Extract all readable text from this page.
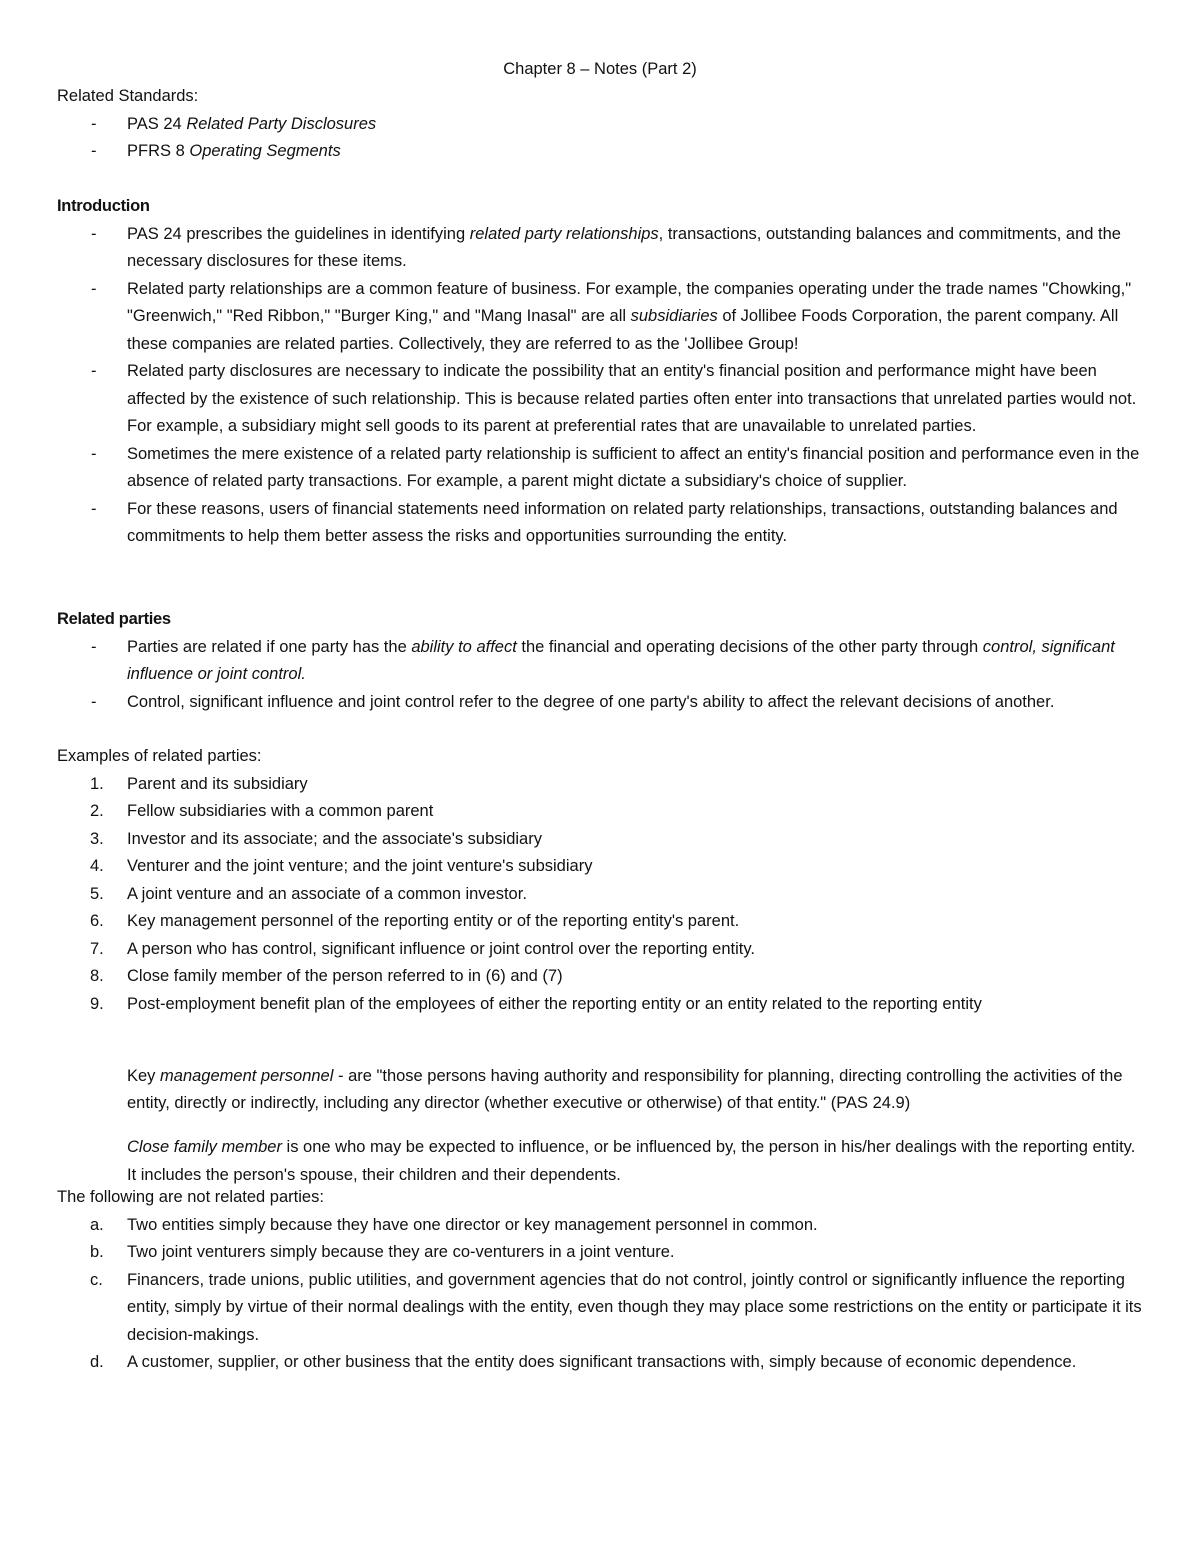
Chapter 8 – Notes (Part 2)

Related Standards:

- PAS 24 Related Party Disclosures
- PFRS 8 Operating Segments

Introduction

- PAS 24 prescribes the guidelines in identifying related party relationships, transactions, outstanding balances and commitments, and the necessary disclosures for these items.
- Related party relationships are a common feature of business. For example, the companies operating under the trade names "Chowking," "Greenwich," "Red Ribbon," "Burger King," and "Mang Inasal" are all subsidiaries of Jollibee Foods Corporation, the parent company. All these companies are related parties. Collectively, they are referred to as the 'Jollibee Group!
- Related party disclosures are necessary to indicate the possibility that an entity's financial position and performance might have been affected by the existence of such relationship. This is because related parties often enter into transactions that unrelated parties would not. For example, a subsidiary might sell goods to its parent at preferential rates that are unavailable to unrelated parties.
- Sometimes the mere existence of a related party relationship is sufficient to affect an entity's financial position and performance even in the absence of related party transactions. For example, a parent might dictate a subsidiary's choice of supplier.
- For these reasons, users of financial statements need information on related party relationships, transactions, outstanding balances and commitments to help them better assess the risks and opportunities surrounding the entity.

Related parties

- Parties are related if one party has the ability to affect the financial and operating decisions of the other party through control, significant influence or joint control.
- Control, significant influence and joint control refer to the degree of one party's ability to affect the relevant decisions of another.

Examples of related parties:

1. Parent and its subsidiary
2. Fellow subsidiaries with a common parent
3. Investor and its associate; and the associate's subsidiary
4. Venturer and the joint venture; and the joint venture's subsidiary
5. A joint venture and an associate of a common investor.
6. Key management personnel of the reporting entity or of the reporting entity's parent.
7. A person who has control, significant influence or joint control over the reporting entity.
8. Close family member of the person referred to in (6) and (7)
9. Post-employment benefit plan of the employees of either the reporting entity or an entity related to the reporting entity

Key management personnel - are "those persons having authority and responsibility for planning, directing controlling the activities of the entity, directly or indirectly, including any director (whether executive or otherwise) of that entity." (PAS 24.9)

Close family member is one who may be expected to influence, or be influenced by, the person in his/her dealings with the reporting entity. It includes the person's spouse, their children and their dependents.

The following are not related parties:

a. Two entities simply because they have one director or key management personnel in common.
b. Two joint venturers simply because they are co-venturers in a joint venture.
c. Financers, trade unions, public utilities, and government agencies that do not control, jointly control or significantly influence the reporting entity, simply by virtue of their normal dealings with the entity, even though they may place some restrictions on the entity or participate it its decision-makings.
d. A customer, supplier, or other business that the entity does significant transactions with, simply because of economic dependence.
